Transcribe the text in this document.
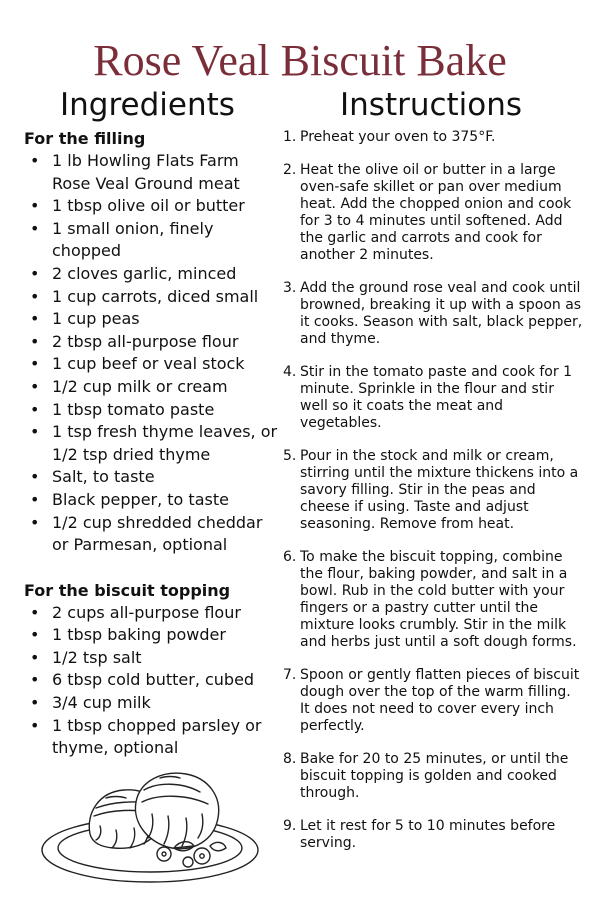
Rose Veal Biscuit Bake
Ingredients	Instructions

For the filling

• 1 lb Howling Flats Farm Rose Veal Ground meat
• 1 tbsp olive oil or butter
• 1 small onion, finely chopped
• 2 cloves garlic, minced
• 1 cup carrots, diced small
• 1 cup peas
• 2 tbsp all-purpose flour
• 1 cup beef or veal stock
• 1/2 cup milk or cream
• 1 tbsp tomato paste
• 1 tsp fresh thyme leaves, or 1/2 tsp dried thyme
• Salt, to taste
• Black pepper, to taste
• 1/2 cup shredded cheddar or Parmesan, optional

For the biscuit topping

• 2 cups all-purpose flour
• 1 tbsp baking powder
• 1/2 tsp salt
• 6 tbsp cold butter, cubed
• 3/4 cup milk
• 1 tbsp chopped parsley or thyme, optional
1. Preheat your oven to 375°F.
2. Heat the olive oil or butter in a large oven-safe skillet or pan over medium heat. Add the chopped onion and cook for 3 to 4 minutes until softened. Add the garlic and carrots and cook for another 2 minutes.
3. Add the ground rose veal and cook until browned, breaking it up with a spoon as it cooks. Season with salt, black pepper, and thyme.
4. Stir in the tomato paste and cook for 1 minute. Sprinkle in the flour and stir well so it coats the meat and vegetables.
5. Pour in the stock and milk or cream, stirring until the mixture thickens into a savory filling. Stir in the peas and cheese if using. Taste and adjust seasoning. Remove from heat.
6. To make the biscuit topping, combine the flour, baking powder, and salt in a bowl. Rub in the cold butter with your fingers or a pastry cutter until the mixture looks crumbly. Stir in the milk and herbs just until a soft dough forms.
7. Spoon or gently flatten pieces of biscuit dough over the top of the warm filling. It does not need to cover every inch perfectly.
8. Bake for 20 to 25 minutes, or until the biscuit topping is golden and cooked through.
9. Let it rest for 5 to 10 minutes before serving.
